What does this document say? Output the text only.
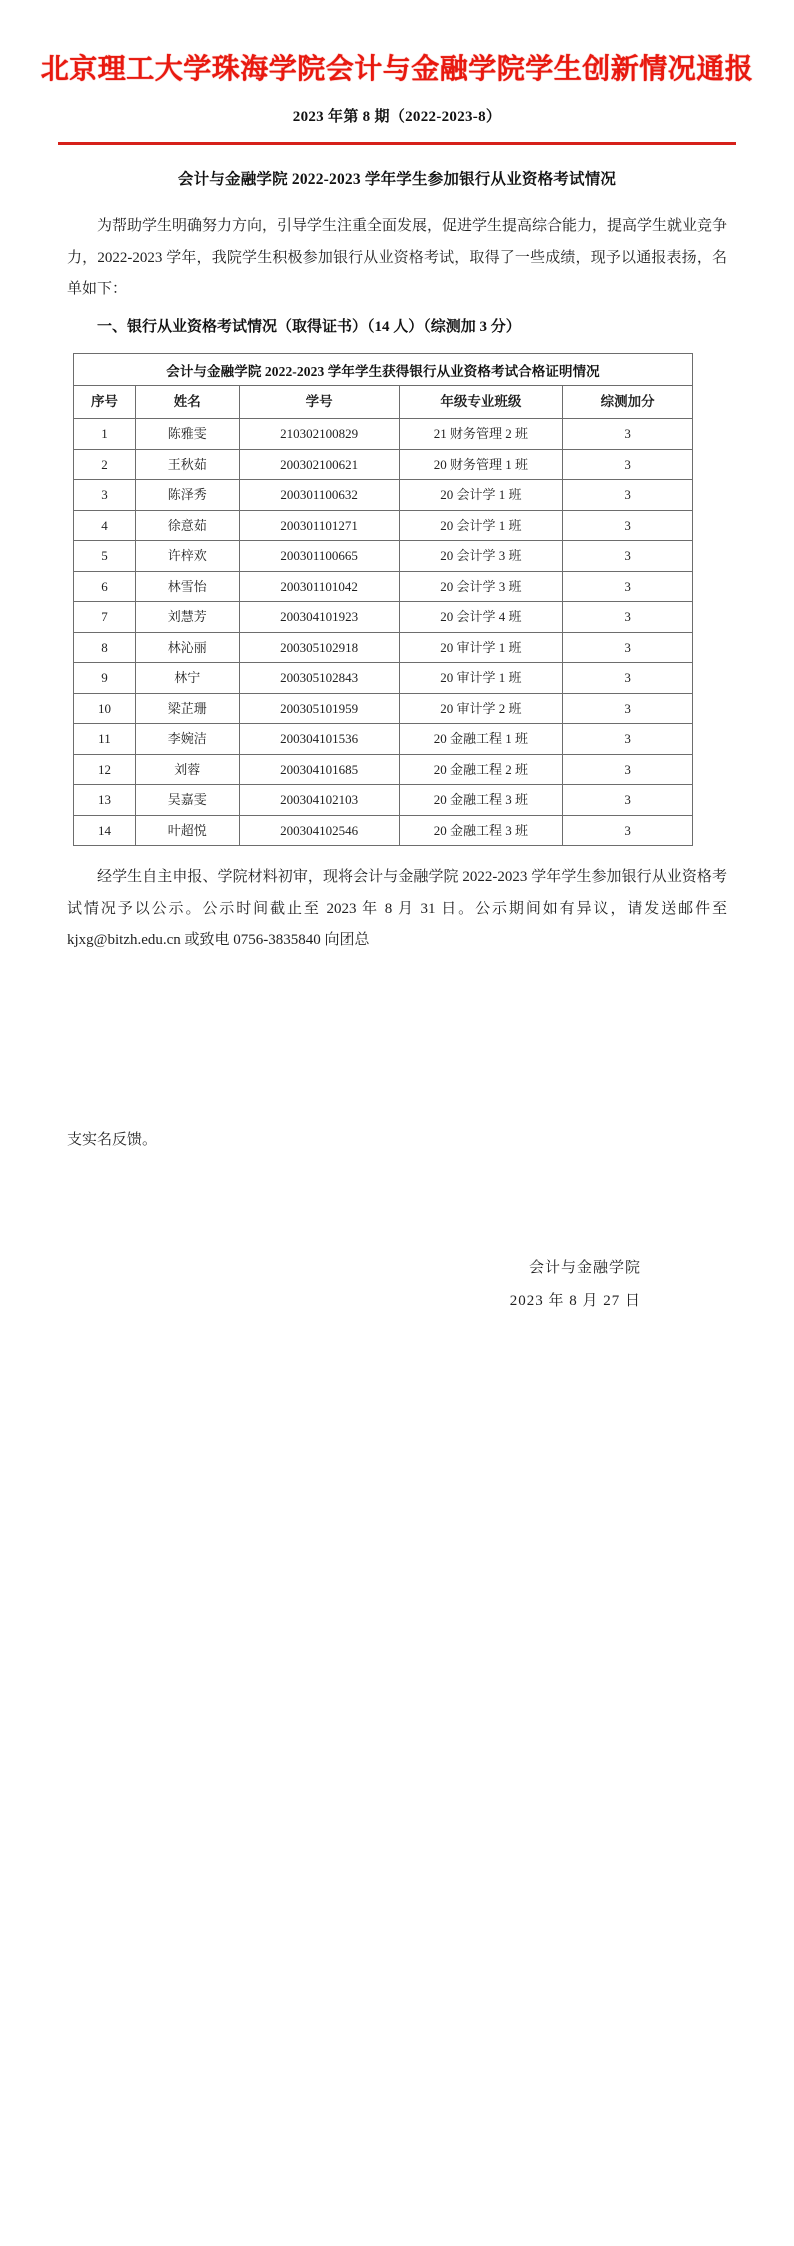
北京理工大学珠海学院会计与金融学院学生创新情况通报
2023 年第 8 期（2022-2023-8）
会计与金融学院 2022-2023 学年学生参加银行从业资格考试情况

为帮助学生明确努力方向，引导学生注重全面发展，促进学生提高综合能力，提高学生就业竞争力，2022-2023 学年，我院学生积极参加银行从业资格考试，取得了一些成绩，现予以通报表扬，名单如下：

一、银行从业资格考试情况（取得证书）（14 人）（综测加 3 分）
会计与金融学院 2022-2023 学年学生获得银行从业资格考试合格证明情况
序号	姓名	学号	年级专业班级	综测加分
1	陈雅雯	210302100829	21 财务管理 2 班	3
2	王秋茹	200302100621	20 财务管理 1 班	3
3	陈泽秀	200301100632	20 会计学 1 班	3
4	徐意茹	200301101271	20 会计学 1 班	3
5	许梓欢	200301100665	20 会计学 3 班	3
6	林雪怡	200301101042	20 会计学 3 班	3
7	刘慧芳	200304101923	20 会计学 4 班	3
8	林沁丽	200305102918	20 审计学 1 班	3
9	林宁	200305102843	20 审计学 1 班	3
10	梁芷珊	200305101959	20 审计学 2 班	3
11	李婉洁	200304101536	20 金融工程 1 班	3
12	刘蓉	200304101685	20 金融工程 2 班	3
13	吴嘉雯	200304102103	20 金融工程 3 班	3
14	叶超悦	200304102546	20 金融工程 3 班	3

经学生自主申报、学院材料初审，现将会计与金融学院 2022-2023 学年学生参加银行从业资格考试情况予以公示。公示时间截止至 2023 年 8 月 31 日。公示期间如有异议，请发送邮件至 kjxg@bitzh.edu.cn 或致电 0756-3835840 向团总

支实名反馈。

会计与金融学院
2023 年 8 月 27 日
